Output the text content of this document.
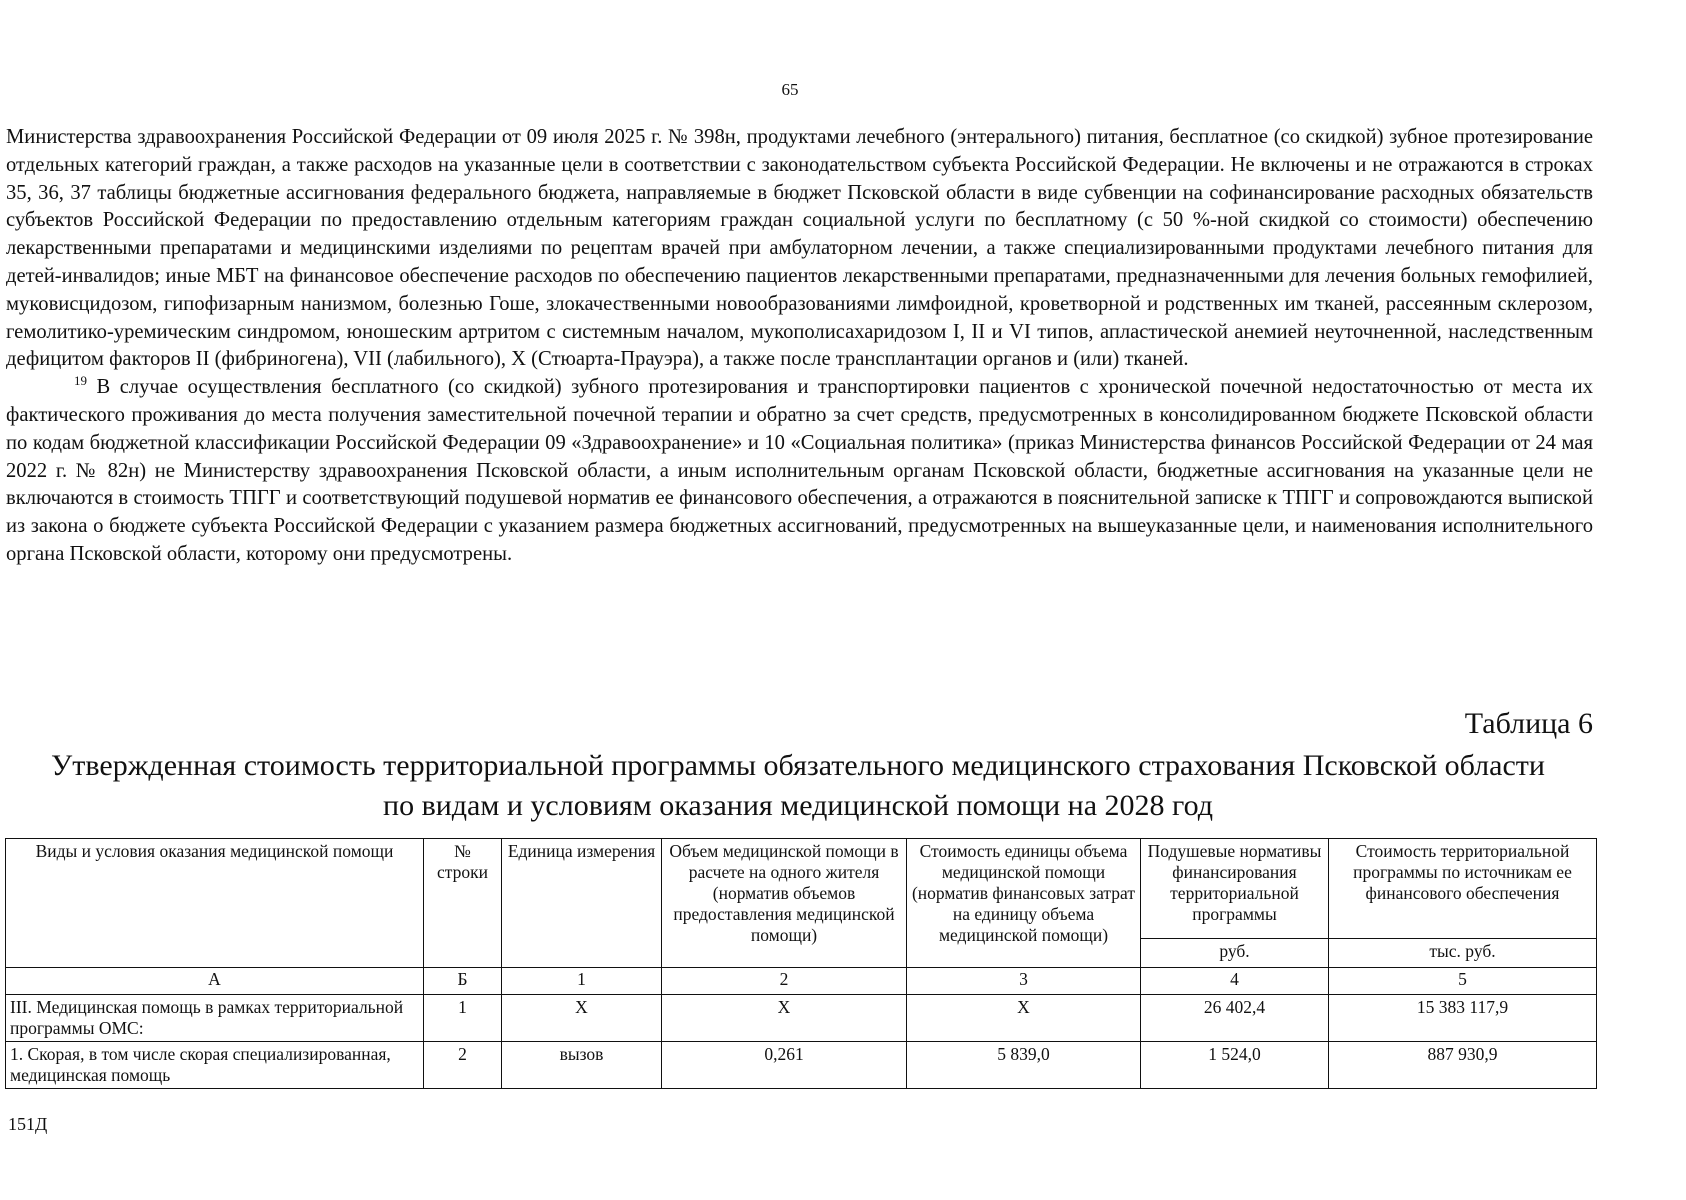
65

Министерства здравоохранения Российской Федерации от 09 июля 2025 г. № 398н, продуктами лечебного (энтерального) питания, бесплатное (со скидкой) зубное протезирование отдельных категорий граждан, а также расходов на указанные цели в соответствии с законодательством субъекта Российской Федерации. Не включены и не отражаются в строках 35, 36, 37 таблицы бюджетные ассигнования федерального бюджета, направляемые в бюджет Псковской области в виде субвенции на софинансирование расходных обязательств субъектов Российской Федерации по предоставлению отдельным категориям граждан социальной услуги по бесплатному (с 50 %-ной скидкой со стоимости) обеспечению лекарственными препаратами и медицинскими изделиями по рецептам врачей при амбулаторном лечении, а также специализированными продуктами лечебного питания для детей-инвалидов; иные МБТ на финансовое обеспечение расходов по обеспечению пациентов лекарственными препаратами, предназначенными для лечения больных гемофилией, муковисцидозом, гипофизарным нанизмом, болезнью Гоше, злокачественными новообразованиями лимфоидной, кроветворной и родственных им тканей, рассеянным склерозом, гемолитико-уремическим синдромом, юношеским артритом с системным началом, мукополисахаридозом I, II и VI типов, апластической анемией неуточненной, наследственным дефицитом факторов II (фибриногена), VII (лабильного), X (Стюарта-Прауэра), а также после трансплантации органов и (или) тканей.

$^{19}$ В случае осуществления бесплатного (со скидкой) зубного протезирования и транспортировки пациентов с хронической почечной недостаточностью от места их фактического проживания до места получения заместительной почечной терапии и обратно за счет средств, предусмотренных в консолидированном бюджете Псковской области по кодам бюджетной классификации Российской Федерации 09 «Здравоохранение» и 10 «Социальная политика» (приказ Министерства финансов Российской Федерации от 24 мая 2022 г. № 82н) не Министерству здравоохранения Псковской области, а иным исполнительным органам Псковской области, бюджетные ассигнования на указанные цели не включаются в стоимость ТПГГ и соответствующий подушевой норматив ее финансового обеспечения, а отражаются в пояснительной записке к ТПГГ и сопровождаются выпиской из закона о бюджете субъекта Российской Федерации с указанием размера бюджетных ассигнований, предусмотренных на вышеуказанные цели, и наименования исполнительного органа Псковской области, которому они предусмотрены.

Таблица 6
Утвержденная стоимость территориальной программы обязательного медицинского страхования Псковской области
по видам и условиям оказания медицинской помощи на 2028 год
Виды и условия оказания медицинской помощи	№ строки	Единица измерения	Объем медицинской помощи в расчете на одного жителя (норматив объемов предоставления медицинской помощи)	Стоимость единицы объема медицинской помощи (норматив финансовых затрат на единицу объема медицинской помощи)	Подушевые нормативы финансирования территориальной программы	Стоимость территориальной программы по источникам ее финансового обеспечения
					руб.	тыс. руб.
А	Б	1	2	3	4	5
III. Медицинская помощь в рамках территориальной программы ОМС:	1	X	X	X	26 402,4	15 383 117,9
1. Скорая, в том числе скорая специализированная, медицинская помощь	2	вызов	0,261	5 839,0	1 524,0	887 930,9
151Д
